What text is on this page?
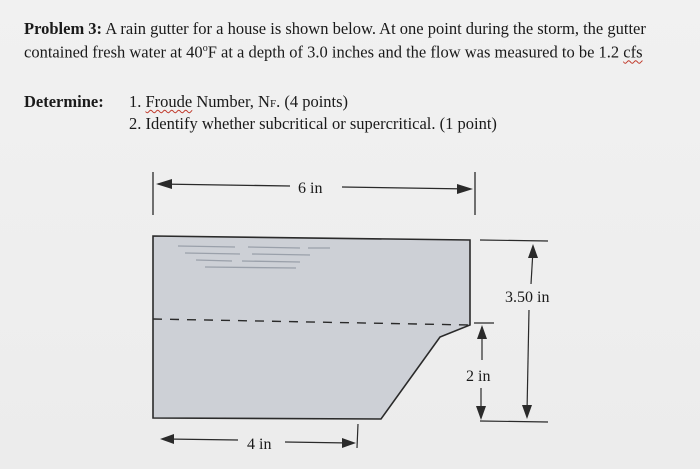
Problem 3: A rain gutter for a house is shown below. At one point during the storm, the gutter
contained fresh water at 40$^o$F at a depth of 3.0 inches and the flow was measured to be 1.2 cfs
Determine: 1. Froude Number, NF. (4 points)
2. Identify whether subcritical or supercritical. (1 point)
6 in
3.50 in
2 in
4 in
